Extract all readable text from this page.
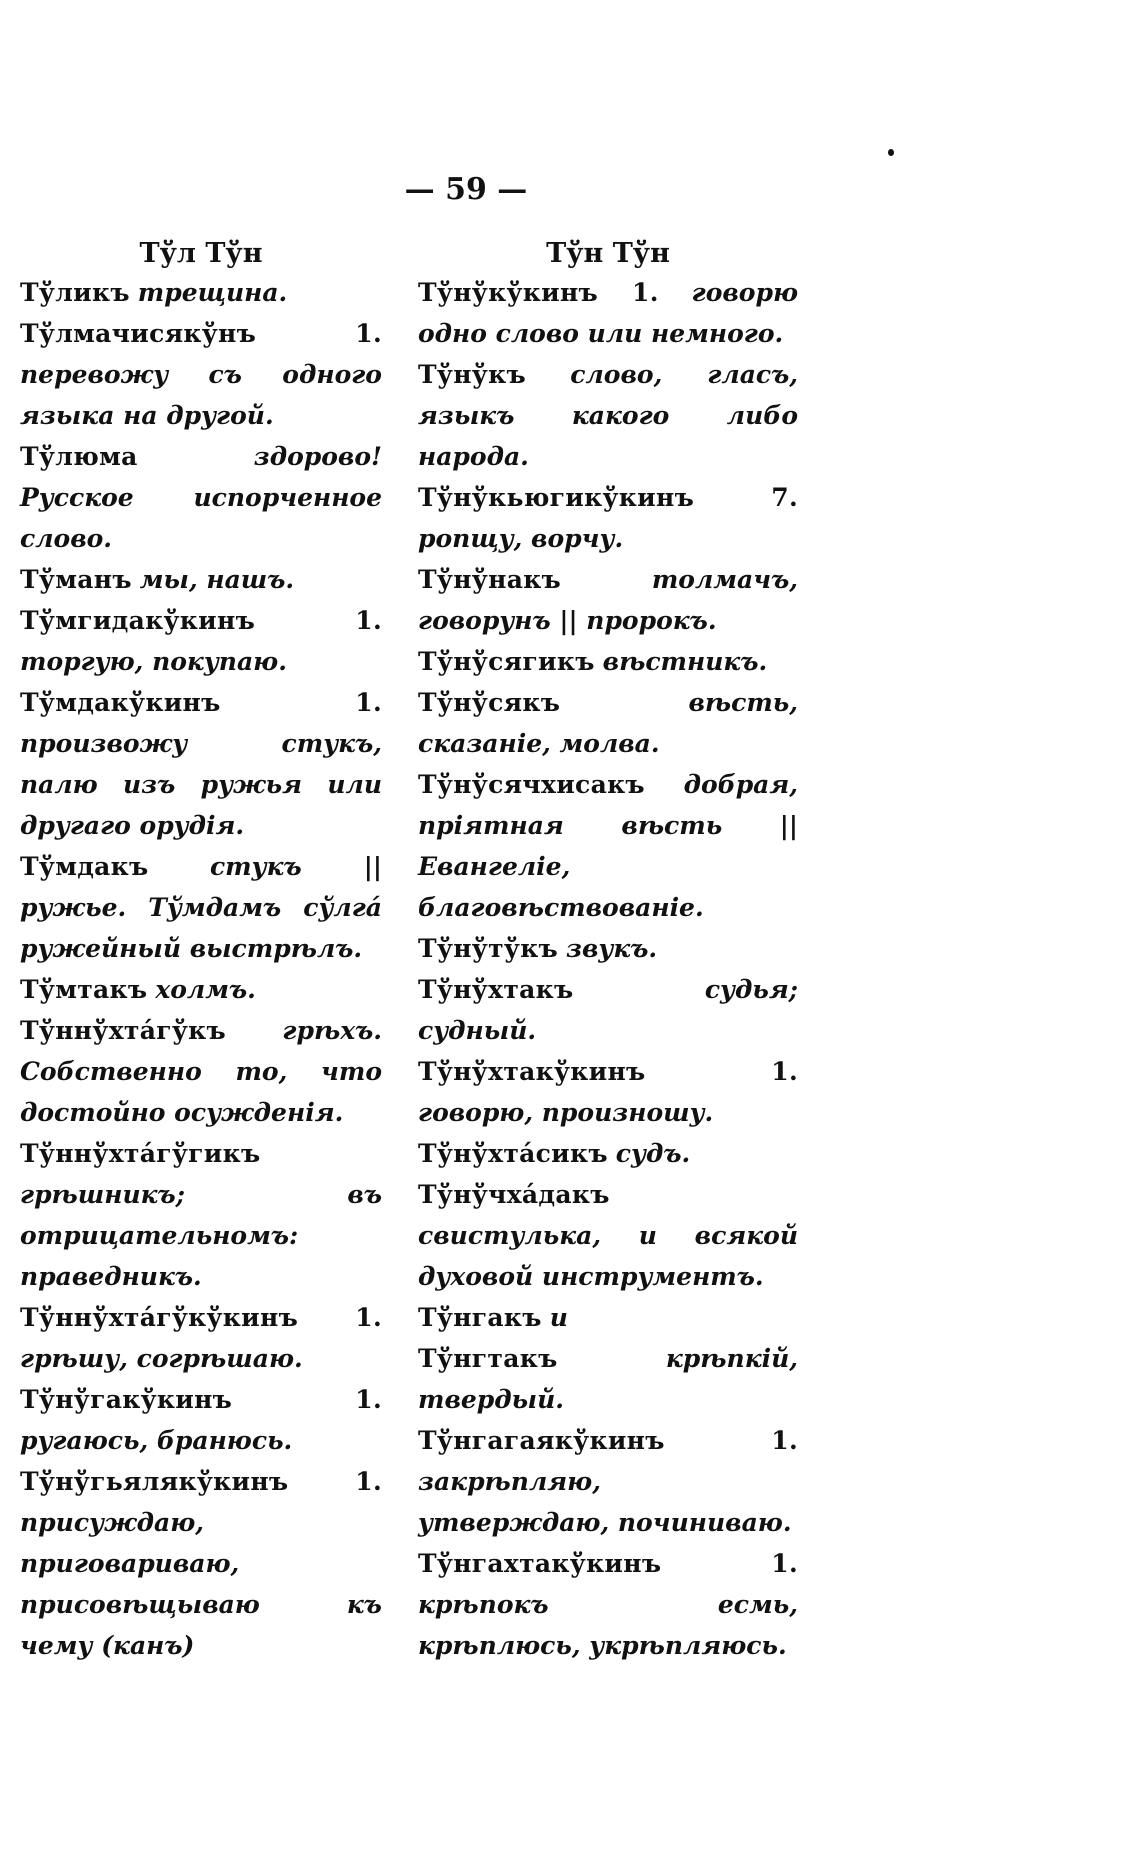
— 59 —
Тўл Тўн
Тўликъ трещина.
Тўлмачисякўнъ 1. перевожу съ одного языка на другой.
Тўлюма	здорово! Русское испорченное слово.
Тўманъ мы, нашъ.
Тўмгидакўкинъ 1. торгую, покупаю.
Тўмдакўкинъ 1. произвожу стукъ, палю изъ ружья или другаго орудія.
Тўмдакъ стукъ || ружье. Тўмдамъ сўлгá ружейный выстрѣлъ.
Тўмтакъ холмъ.
Тўннўхтáгўкъ грѣхъ. Собственно то, что достойно осужденія.
Тўннўхтáгўгикъ грѣшникъ; въ отрицательномъ: праведникъ.
Тўннўхтáгўкўкинъ 1. грѣшу, согрѣшаю.
Тўнўгакўкинъ 1. ругаюсь, бранюсь.
Тўнўгьялякўкинъ 1. присуждаю, приговариваю, присовѣщываю къ чему (канъ)
Тўн Тўн
Тўнўкўкинъ 1. говорю одно слово или немного.
Тўнўкъ слово, гласъ, языкъ какого либо народа.
Тўнўкьюгикўкинъ 7. ропщу, ворчу.
Тўнўнакъ	толмачъ, говорунъ || пророкъ.
Тўнўсягикъ вѣстникъ.
Тўнўсякъ	вѣсть, сказаніе, молва.
Тўнўсячхисакъ добрая, пріятная вѣсть || Евангеліе, благовѣствованіе.
Тўнўтўкъ звукъ.
Тўнўхтакъ	судья; судный.
Тўнўхтакўкинъ 1. говорю, произношу.
Тўнўхтáсикъ судъ.
Тўнўчхáдакъ свистулька, и всякой духовой инструментъ.
Тўнгакъ и
Тўнгтакъ	крѣпкій, твердый.
Тўнгагаякўкинъ 1. закрѣпляю, утверждаю, починиваю.
Тўнгахтакўкинъ 1. крѣпокъ есмь, крѣплюсь, укрѣпляюсь.
